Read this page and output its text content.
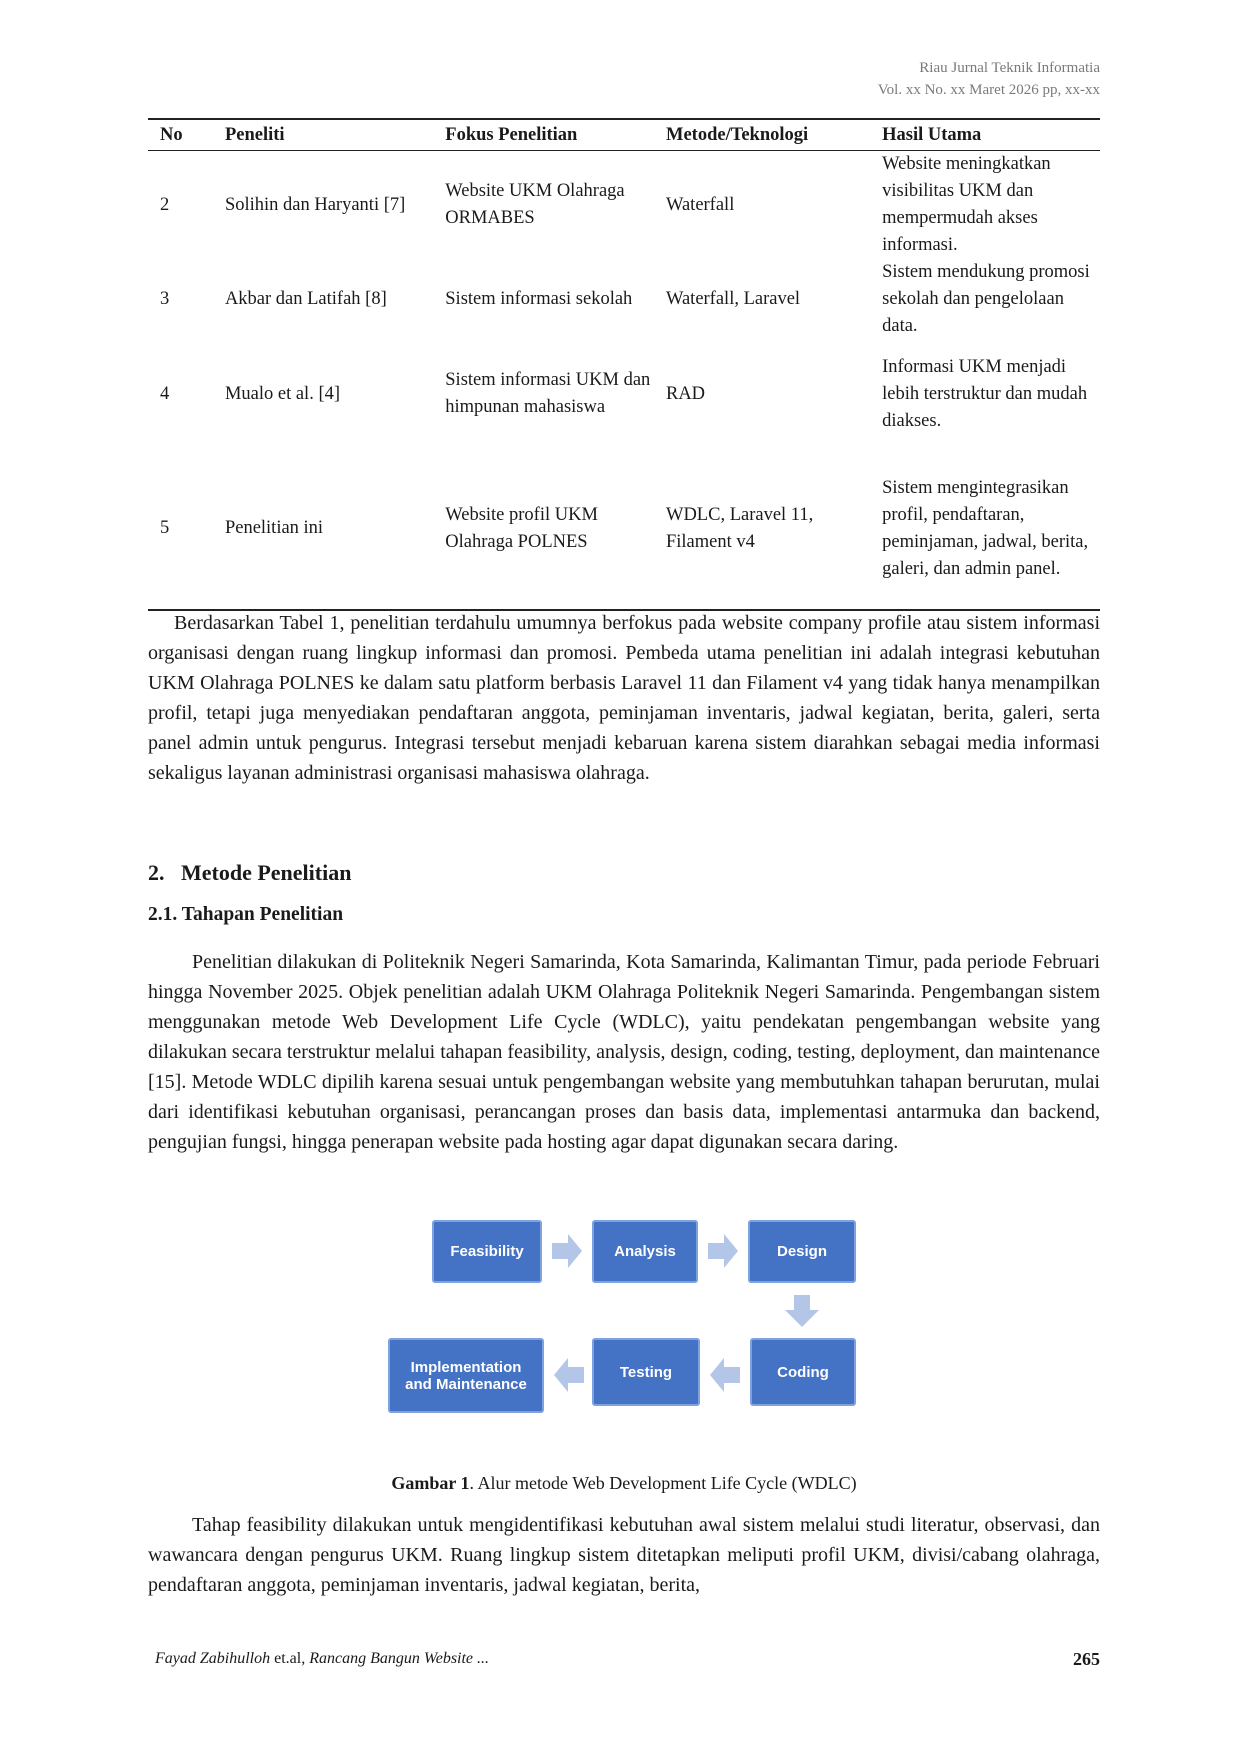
Riau Jurnal Teknik Informatia
Vol. xx No. xx Maret 2026 pp, xx-xx
No	Peneliti	Fokus Penelitian	Metode/Teknologi	Hasil Utama
2	Solihin dan Haryanti [7]	Website UKM Olahraga ORMABES	Waterfall	Website meningkatkan visibilitas UKM dan mempermudah akses informasi.
3	Akbar dan Latifah [8]	Sistem informasi sekolah	Waterfall, Laravel	Sistem mendukung promosi sekolah dan pengelolaan data.
4	Mualo et al. [4]	Sistem informasi UKM dan himpunan mahasiswa	RAD	Informasi UKM menjadi lebih terstruktur dan mudah diakses.
5	Penelitian ini	Website profil UKM Olahraga POLNES	WDLC, Laravel 11, Filament v4	Sistem mengintegrasikan profil, pendaftaran, peminjaman, jadwal, berita, galeri, dan admin panel.

Berdasarkan Tabel 1, penelitian terdahulu umumnya berfokus pada website company profile atau sistem informasi organisasi dengan ruang lingkup informasi dan promosi. Pembeda utama penelitian ini adalah integrasi kebutuhan UKM Olahraga POLNES ke dalam satu platform berbasis Laravel 11 dan Filament v4 yang tidak hanya menampilkan profil, tetapi juga menyediakan pendaftaran anggota, peminjaman inventaris, jadwal kegiatan, berita, galeri, serta panel admin untuk pengurus. Integrasi tersebut menjadi kebaruan karena sistem diarahkan sebagai media informasi sekaligus layanan administrasi organisasi mahasiswa olahraga.

2. Metode Penelitian
2.1. Tahapan Penelitian

Penelitian dilakukan di Politeknik Negeri Samarinda, Kota Samarinda, Kalimantan Timur, pada periode Februari hingga November 2025. Objek penelitian adalah UKM Olahraga Politeknik Negeri Samarinda. Pengembangan sistem menggunakan metode Web Development Life Cycle (WDLC), yaitu pendekatan pengembangan website yang dilakukan secara terstruktur melalui tahapan feasibility, analysis, design, coding, testing, deployment, dan maintenance [15]. Metode WDLC dipilih karena sesuai untuk pengembangan website yang membutuhkan tahapan berurutan, mulai dari identifikasi kebutuhan organisasi, perancangan proses dan basis data, implementasi antarmuka dan backend, pengujian fungsi, hingga penerapan website pada hosting agar dapat digunakan secara daring.

Feasibility	Analysis	Design
Implementation
and Maintenance
Testing	Coding
Gambar 1. Alur metode Web Development Life Cycle (WDLC)

Tahap feasibility dilakukan untuk mengidentifikasi kebutuhan awal sistem melalui studi literatur, observasi, dan wawancara dengan pengurus UKM. Ruang lingkup sistem ditetapkan meliputi profil UKM, divisi/cabang olahraga, pendaftaran anggota, peminjaman inventaris, jadwal kegiatan, berita,

Fayad Zabihulloh et.al, Rancang Bangun Website ...	265
